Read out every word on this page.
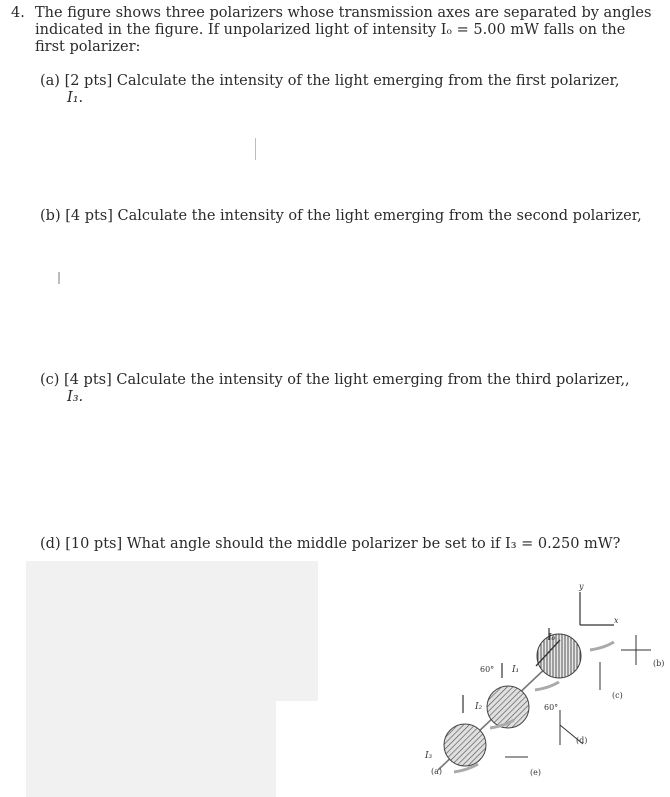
4. The figure shows three polarizers whose transmission axes are separated by angles
indicated in the figure. If unpolarized light of intensity Iₒ = 5.00 mW falls on the
first polarizer:
(a) [2 pts] Calculate the intensity of the light emerging from the first polarizer,
I₁.
(b) [4 pts] Calculate the intensity of the light emerging from the second polarizer,
(c) [4 pts] Calculate the intensity of the light emerging from the third polarizer,,
I₃.
(d) [10 pts] What angle should the middle polarizer be set to if I₃ = 0.250 mW?
y
x
(b)
(c)
(d)
(e)
I₀
I₁
I₂
I₃
60°
60°
(a)
